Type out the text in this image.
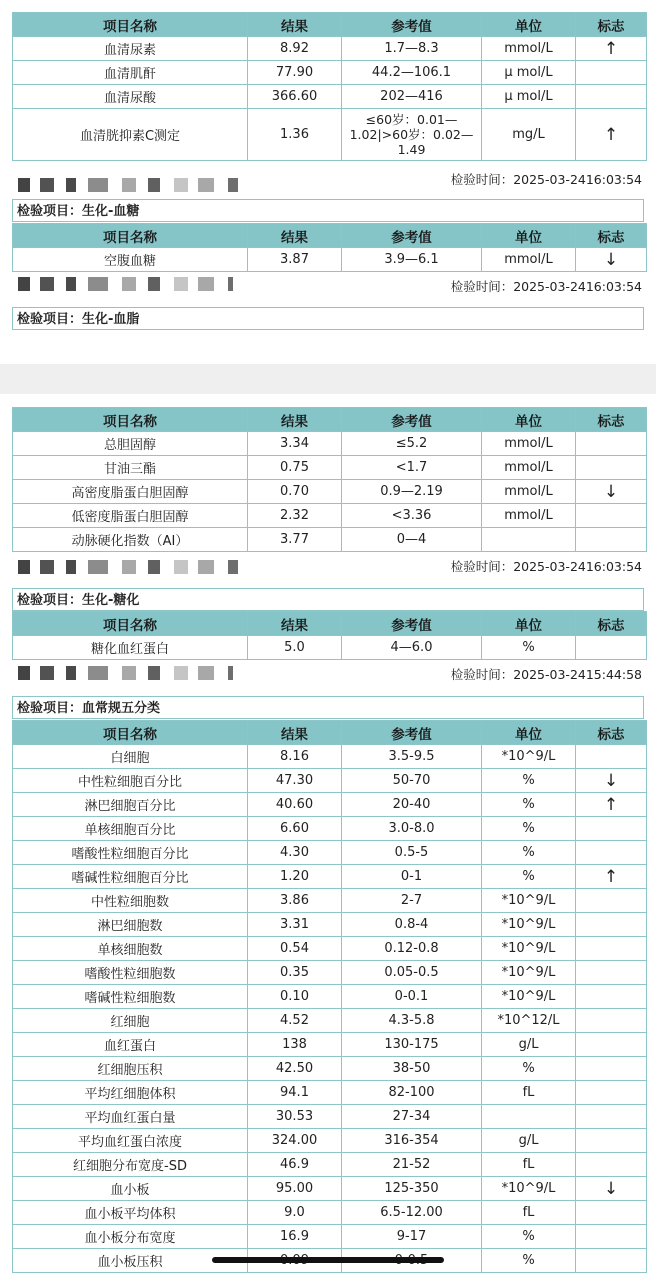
项目名称	结果	参考值	单位	标志
血清尿素	8.92	1.7—8.3	mmol/L	↑
血清肌酐	77.90	44.2—106.1	μ mol/L	
血清尿酸	366.60	202—416	μ mol/L	
血清胱抑素C测定	1.36	≤60岁：0.01—1.02|>60岁：0.02—1.49	mg/L	↑
检验时间：2025-03-2416:03:54
检验项目：生化-血糖
项目名称	结果	参考值	单位	标志
空腹血糖	3.87	3.9—6.1	mmol/L	↓
检验时间：2025-03-2416:03:54
检验项目：生化-血脂
项目名称	结果	参考值	单位	标志
总胆固醇	3.34	≤5.2	mmol/L	
甘油三酯	0.75	<1.7	mmol/L	
高密度脂蛋白胆固醇	0.70	0.9—2.19	mmol/L	↓
低密度脂蛋白胆固醇	2.32	<3.36	mmol/L	
动脉硬化指数（AI）	3.77	0—4		
检验时间：2025-03-2416:03:54
检验项目：生化-糖化
项目名称	结果	参考值	单位	标志
糖化血红蛋白	5.0	4—6.0	%	
检验时间：2025-03-2415:44:58
检验项目：血常规五分类
项目名称	结果	参考值	单位	标志
白细胞	8.16	3.5-9.5	*10^9/L	
中性粒细胞百分比	47.30	50-70	%	↓
淋巴细胞百分比	40.60	20-40	%	↑
单核细胞百分比	6.60	3.0-8.0	%	
嗜酸性粒细胞百分比	4.30	0.5-5	%	
嗜碱性粒细胞百分比	1.20	0-1	%	↑
中性粒细胞数	3.86	2-7	*10^9/L	
淋巴细胞数	3.31	0.8-4	*10^9/L	
单核细胞数	0.54	0.12-0.8	*10^9/L	
嗜酸性粒细胞数	0.35	0.05-0.5	*10^9/L	
嗜碱性粒细胞数	0.10	0-0.1	*10^9/L	
红细胞	4.52	4.3-5.8	*10^12/L	
血红蛋白	138	130-175	g/L	
红细胞压积	42.50	38-50	%	
平均红细胞体积	94.1	82-100	fL	
平均血红蛋白量	30.53	27-34		
平均血红蛋白浓度	324.00	316-354	g/L	
红细胞分布宽度-SD	46.9	21-52	fL	
血小板	95.00	125-350	*10^9/L	↓
血小板平均体积	9.0	6.5-12.00	fL	
血小板分布宽度	16.9	9-17	%	
血小板压积			%	
